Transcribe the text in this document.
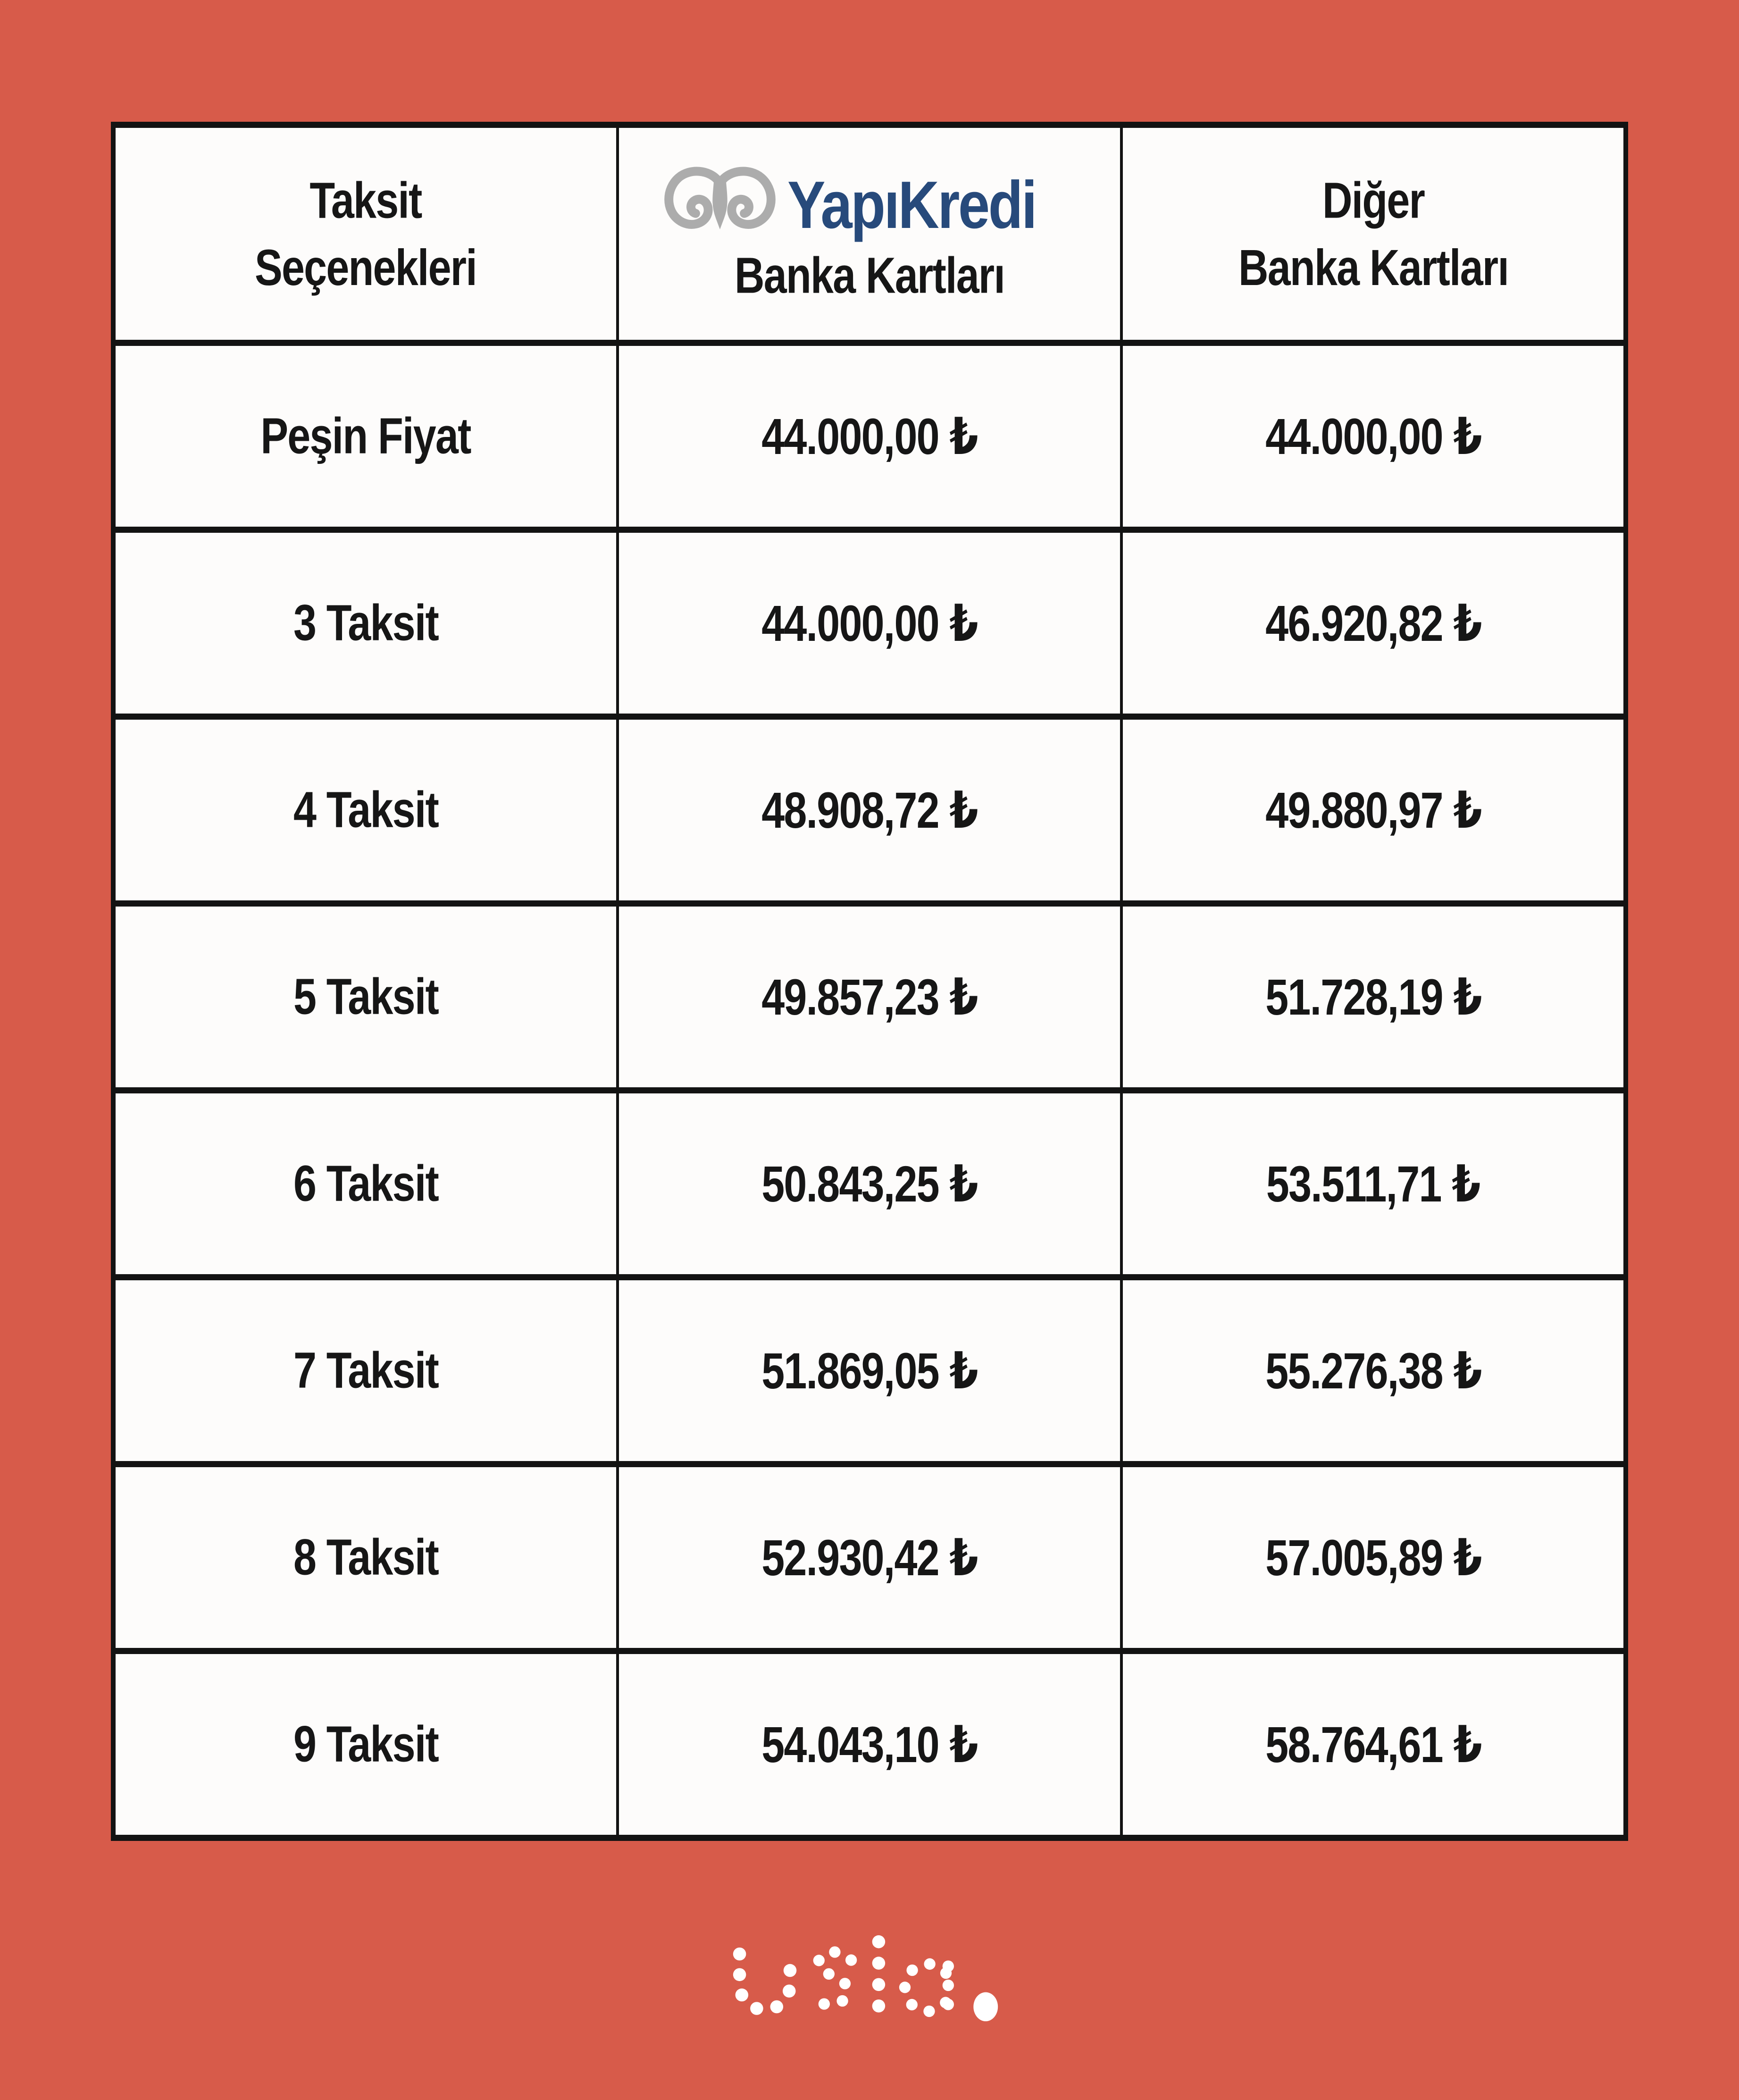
Taksit
Seçenekleri

YapıKredi
Banka Kartları

Diğer
Banka Kartları

Peşin Fiyat	44.000,00 ₺	44.000,00 ₺
3 Taksit	44.000,00 ₺	46.920,82 ₺
4 Taksit	48.908,72 ₺	49.880,97 ₺
5 Taksit	49.857,23 ₺	51.728,19 ₺
6 Taksit	50.843,25 ₺	53.511,71 ₺
7 Taksit	51.869,05 ₺	55.276,38 ₺
8 Taksit	52.930,42 ₺	57.005,89 ₺
9 Taksit	54.043,10 ₺	58.764,61 ₺
